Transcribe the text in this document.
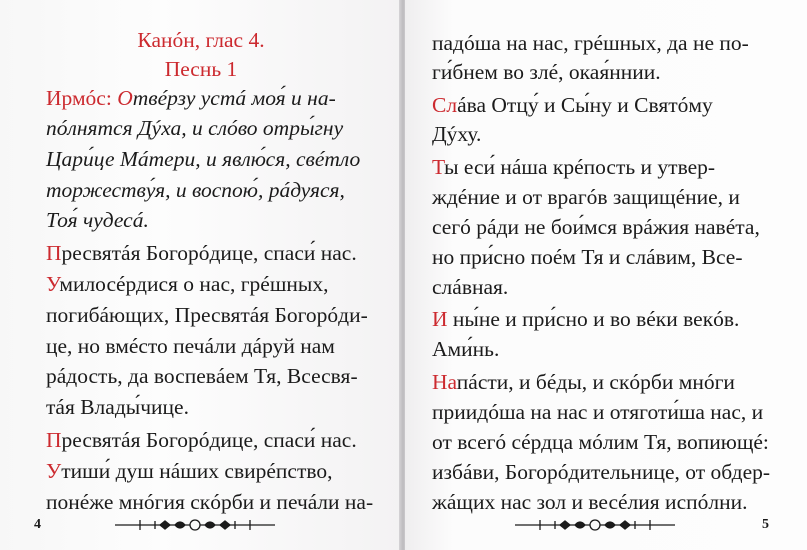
Канóн, глас 4.
Песнь 1
Ирмóс: Отвéрзу устá моя́ и на-
пóлнятся Дýха, и слóво отры́гну
Цари́це Мáтери, и явлю́ся, свéтло
торжеству́я, и воспою́, рáдуяся,
Тоя́ чудесá.
Пресвятáя Богорóдице, спаси́ нас.
Умилосéрдися о нас, грéшных,
погибáющих, Пресвятáя Богорóди-
це, но вмéсто печáли дáруй нам
рáдость, да воспевáем Тя, Всесвя-
тáя Влады́чице.
Пресвятáя Богорóдице, спаси́ нас.
Утиши́ душ нáших свирéпство,
понéже мнóгия скóрби и печáли на-
4
падóша на нас, грéшных, да не по-
ги́бнем во злé, окая́ннии.
Слáва Отцу́ и Сы́ну и Святóму
Дýху.
Ты еси́ нáша крéпость и утвер-
ждéние и от врагóв защищéние, и
сегó рáди не бои́мся врáжия навéта,
но при́сно поéм Тя и слáвим, Все-
слáвная.
И ны́не и при́сно и во вéки векóв.
Ами́нь.
Напáсти, и бéды, и скóрби мнóги
приидóша на нас и отяготи́ша нас, и
от всегó сéрдца мóлим Тя, вопиющé:
избáви, Богорóдительнице, от обдер-
жáщих нас зол и весéлия испóлни.
5
